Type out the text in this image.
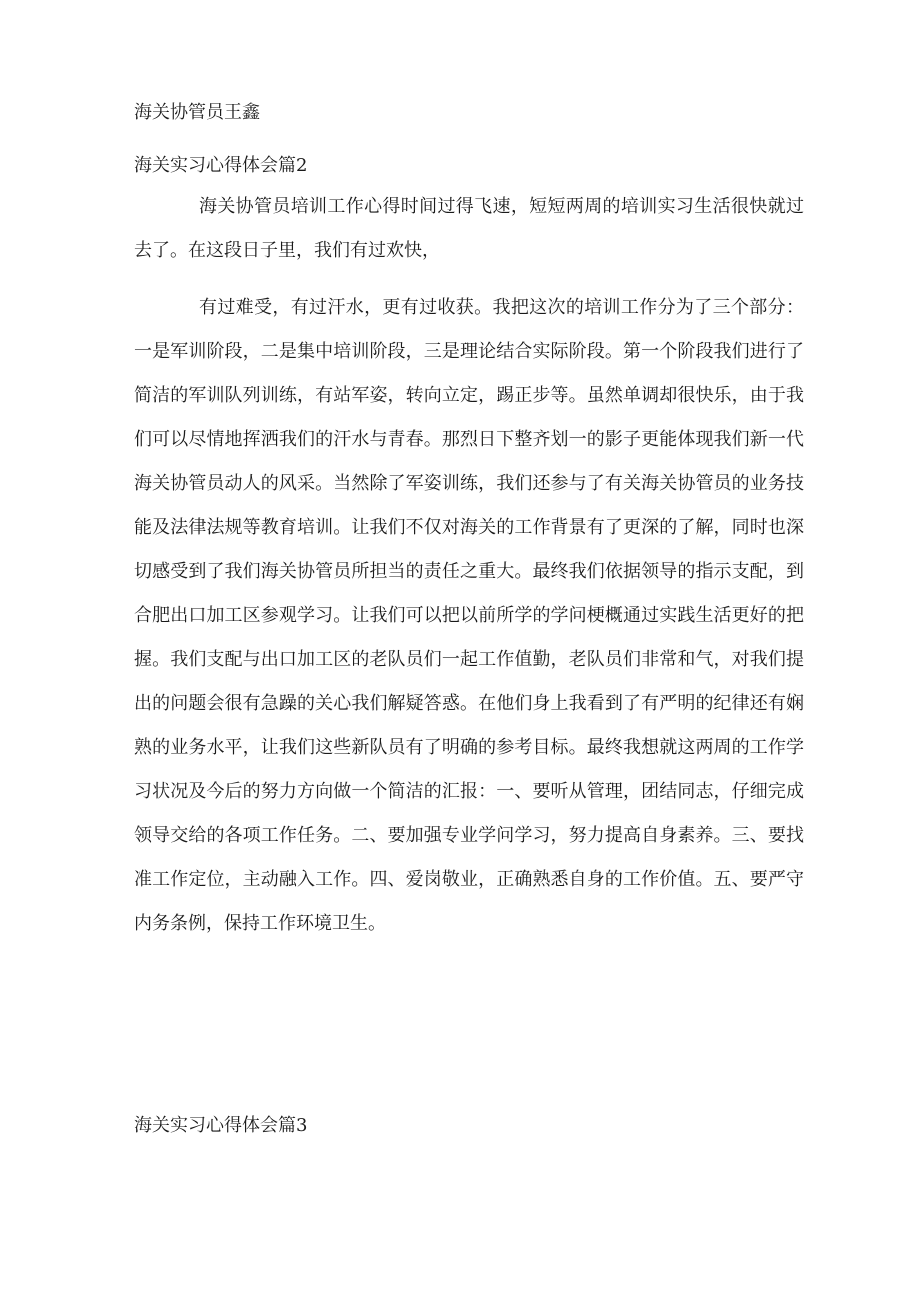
海关协管员王鑫
海关实习心得体会篇2

海关协管员培训工作心得时间过得飞速，短短两周的培训实习生活很快就过去了。在这段日子里，我们有过欢快，

有过难受，有过汗水，更有过收获。我把这次的培训工作分为了三个部分：一是军训阶段，二是集中培训阶段，三是理论结合实际阶段。第一个阶段我们进行了简洁的军训队列训练，有站军姿，转向立定，踢正步等。虽然单调却很快乐，由于我们可以尽情地挥洒我们的汗水与青春。那烈日下整齐划一的影子更能体现我们新一代海关协管员动人的风采。当然除了军姿训练，我们还参与了有关海关协管员的业务技能及法律法规等教育培训。让我们不仅对海关的工作背景有了更深的了解，同时也深切感受到了我们海关协管员所担当的责任之重大。最终我们依据领导的指示支配，到合肥出口加工区参观学习。让我们可以把以前所学的学问梗概通过实践生活更好的把握。我们支配与出口加工区的老队员们一起工作值勤，老队员们非常和气，对我们提出的问题会很有急躁的关心我们解疑答惑。在他们身上我看到了有严明的纪律还有娴熟的业务水平，让我们这些新队员有了明确的参考目标。最终我想就这两周的工作学习状况及今后的努力方向做一个简洁的汇报：一、要听从管理，团结同志，仔细完成领导交给的各项工作任务。二、要加强专业学问学习，努力提高自身素养。三、要找准工作定位，主动融入工作。四、爱岗敬业，正确熟悉自身的工作价值。五、要严守内务条例，保持工作环境卫生。

海关实习心得体会篇3
